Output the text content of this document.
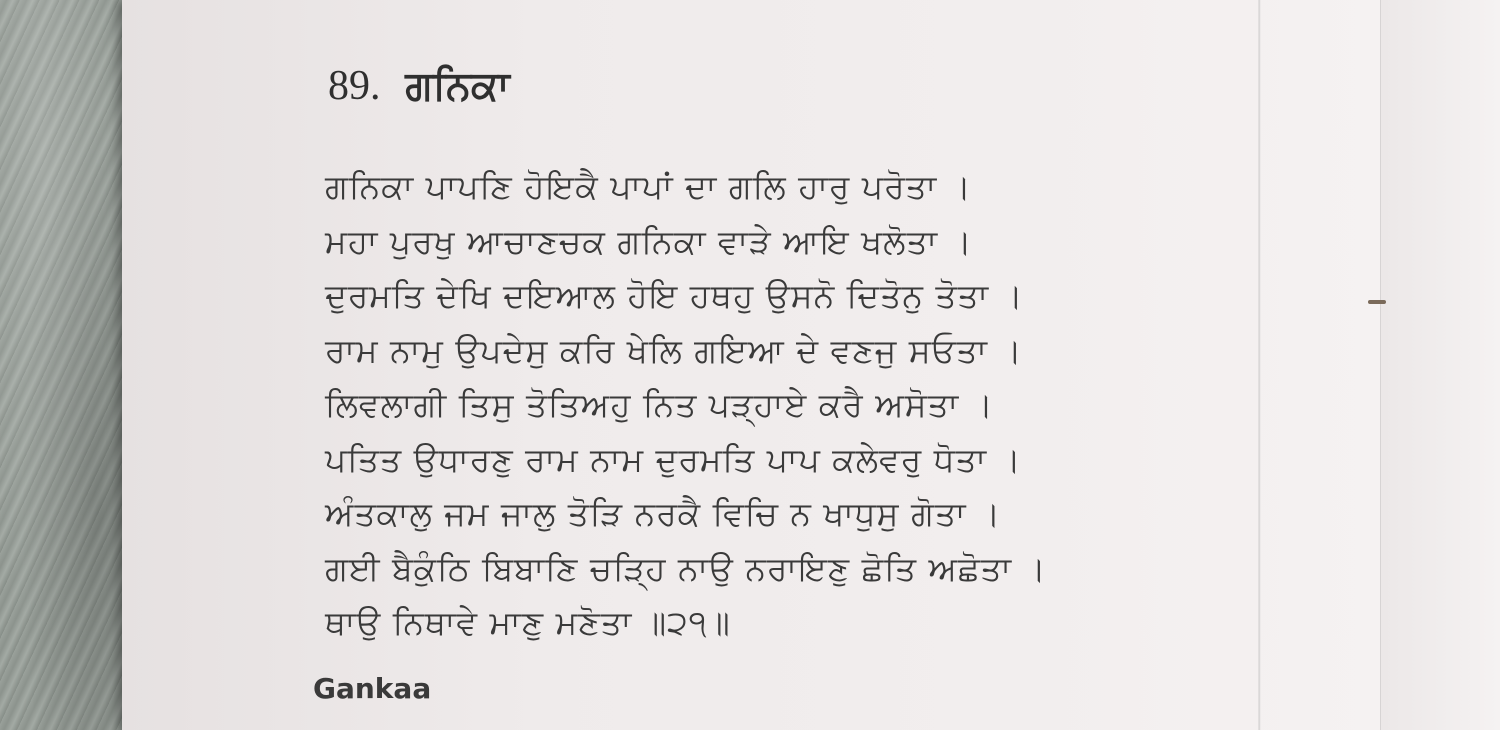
89. ਗਨਿਕਾ
ਗਨਿਕਾ ਪਾਪਣਿ ਹੋਇਕੈ ਪਾਪਾਂ ਦਾ ਗਲਿ ਹਾਰੁ ਪਰੋਤਾ ।
ਮਹਾ ਪੁਰਖੁ ਆਚਾਣਚਕ ਗਨਿਕਾ ਵਾੜੇ ਆਇ ਖਲੋਤਾ ।
ਦੁਰਮਤਿ ਦੇਖਿ ਦਇਆਲ ਹੋਇ ਹਥਹੁ ਉਸਨੋ ਦਿਤੋਨੁ ਤੋਤਾ ।
ਰਾਮ ਨਾਮੁ ਉਪਦੇਸੁ ਕਰਿ ਖੇਲਿ ਗਇਆ ਦੇ ਵਣਜੁ ਸਓਤਾ ।
ਲਿਵਲਾਗੀ ਤਿਸੁ ਤੋਤਿਅਹੁ ਨਿਤ ਪੜ੍ਹਾਏ ਕਰੈ ਅਸੋਤਾ ।
ਪਤਿਤ ਉਧਾਰਣੁ ਰਾਮ ਨਾਮ ਦੁਰਮਤਿ ਪਾਪ ਕਲੇਵਰੁ ਧੋਤਾ ।
ਅੰਤਕਾਲੁ ਜਮ ਜਾਲੁ ਤੋੜਿ ਨਰਕੈ ਵਿਚਿ ਨ ਖਾਧੁਸੁ ਗੋਤਾ ।
ਗਈ ਬੈਕੁੰਠਿ ਬਿਬਾਣਿ ਚੜ੍ਹਿ ਨਾਉ ਨਰਾਇਣੁ ਛੋਤਿ ਅਛੋਤਾ ।
ਥਾਉ ਨਿਥਾਵੇ ਮਾਣੁ ਮਣੋਤਾ ॥੨੧॥
Gankaa
